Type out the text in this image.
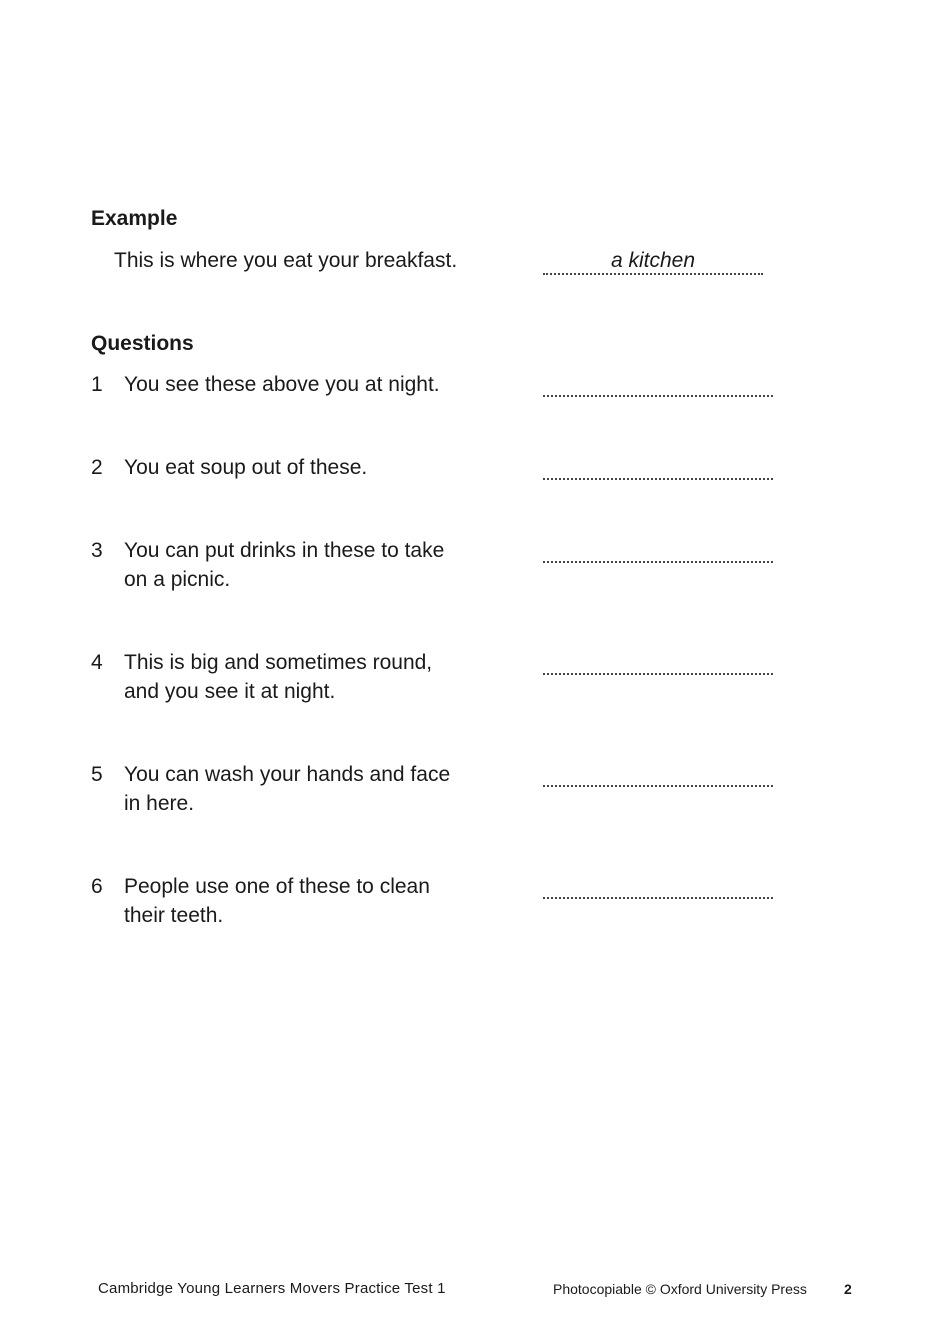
Example

This is where you eat your breakfast.	a kitchen
Questions
1 You see these above you at night.

2 You eat soup out of these.

3 You can put drinks in these to take
on a picnic.

4 This is big and sometimes round,
and you see it at night.

5 You can wash your hands and face
in here.

6 People use one of these to clean
their teeth.

Cambridge Young Learners Movers Practice Test 1	Photocopiable © Oxford University Press	2
